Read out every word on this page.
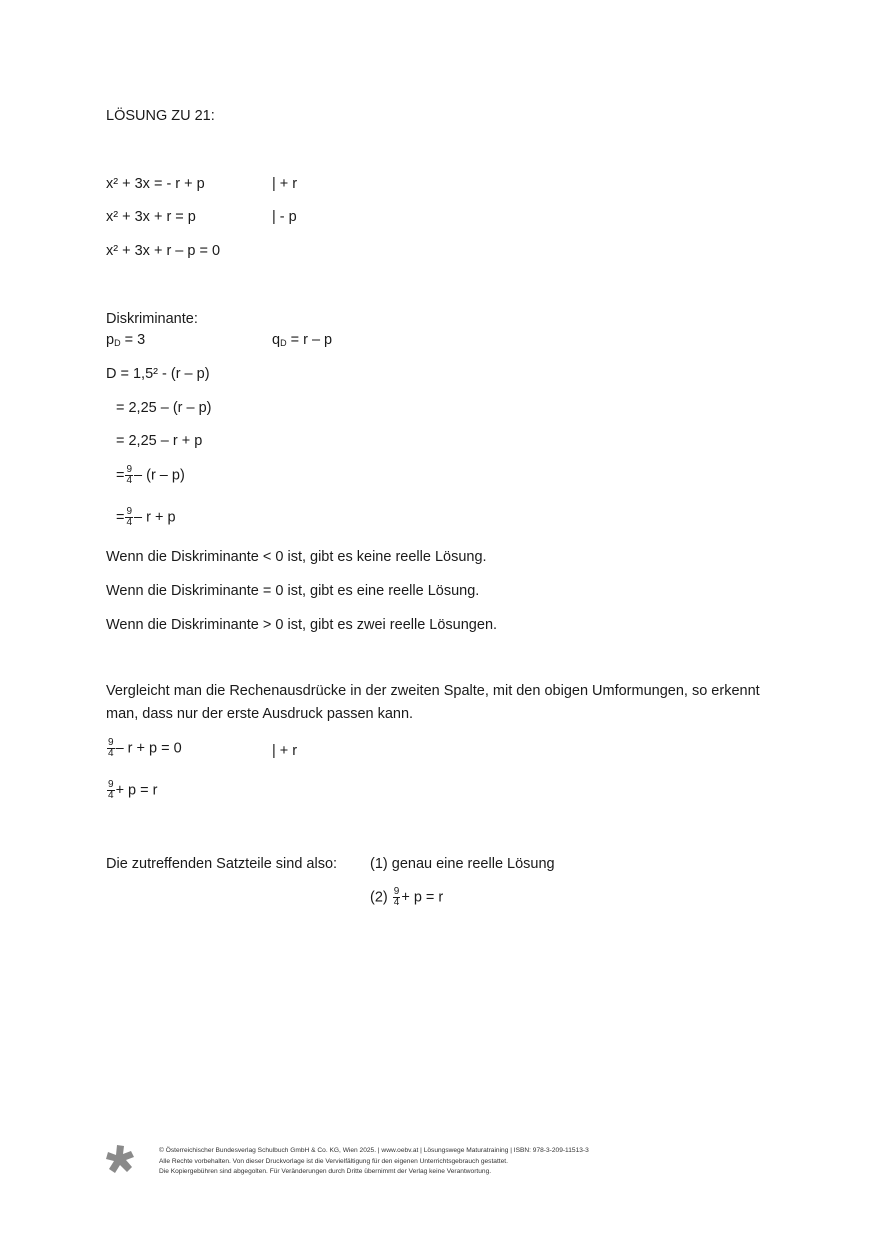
LÖSUNG ZU 21:
x² + 3x = - r + p	| + r
x² + 3x + r = p	| - p
x² + 3x + r – p = 0
Diskriminante:
$p_D = 3$	$q_D = r - p$
D = 1,5² - (r – p)
= 2,25 – (r – p)
= 2,25 – r + p
= $\frac{9}{4} - (r - p)$
= $\frac{9}{4} - r + p$
Wenn die Diskriminante < 0 ist, gibt es keine reelle Lösung.
Wenn die Diskriminante = 0 ist, gibt es eine reelle Lösung.
Wenn die Diskriminante > 0 ist, gibt es zwei reelle Lösungen.
Vergleicht man die Rechenausdrücke in der zweiten Spalte, mit den obigen Umformungen, so erkennt man, dass nur der erste Ausdruck passen kann.
$\frac{9}{4} - r + p = 0$	| + r
$\frac{9}{4} + p = r$
Die zutreffenden Satzteile sind also: (1) genau eine reelle Lösung
$(2) \frac{9}{4} + p = r$
© Österreichischer Bundesverlag Schulbuch GmbH & Co. KG, Wien 2025. | www.oebv.at | Lösungswege Maturatraining | ISBN: 978-3-209-11513-3
Alle Rechte vorbehalten. Von dieser Druckvorlage ist die Vervielfältigung für den eigenen Unterrichtsgebrauch gestattet.
Die Kopiergebühren sind abgegolten. Für Veränderungen durch Dritte übernimmt der Verlag keine Verantwortung.
